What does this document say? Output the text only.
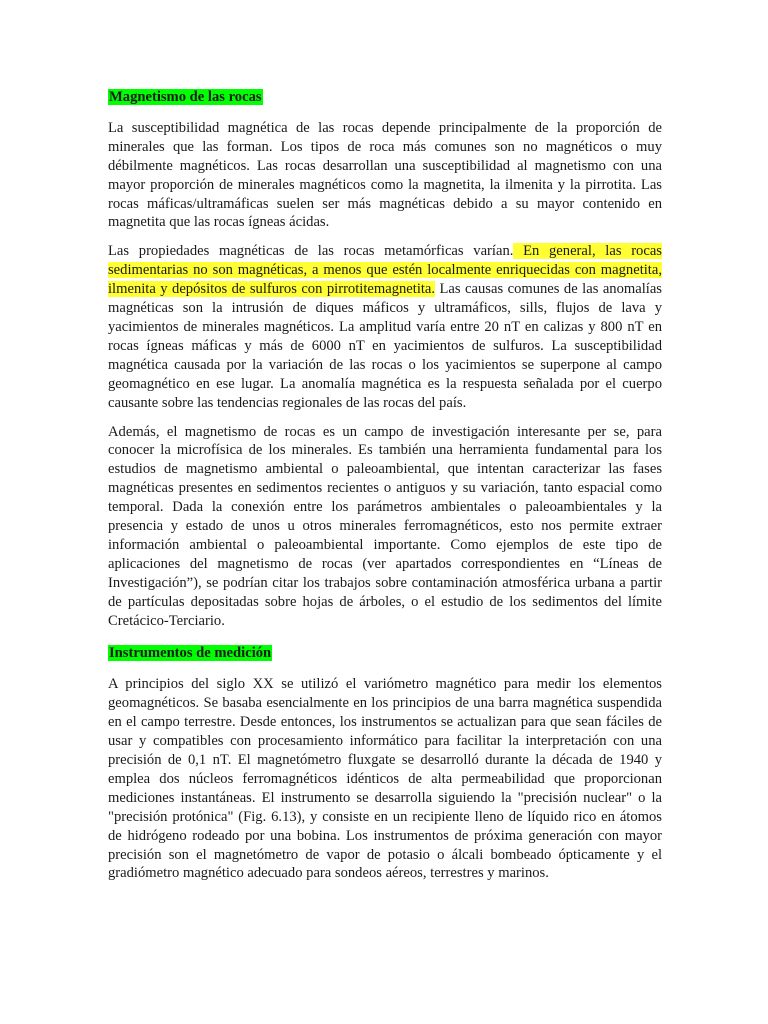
Magnetismo de las rocas

La susceptibilidad magnética de las rocas depende principalmente de la proporción de minerales que las forman. Los tipos de roca más comunes son no magnéticos o muy débilmente magnéticos. Las rocas desarrollan una susceptibilidad al magnetismo con una mayor proporción de minerales magnéticos como la magnetita, la ilmenita y la pirrotita. Las rocas máficas/ultramáficas suelen ser más magnéticas debido a su mayor contenido en magnetita que las rocas ígneas ácidas.

Las propiedades magnéticas de las rocas metamórficas varían. En general, las rocas sedimentarias no son magnéticas, a menos que estén localmente enriquecidas con magnetita, ilmenita y depósitos de sulfuros con pirrotitemagnetita. Las causas comunes de las anomalías magnéticas son la intrusión de diques máficos y ultramáficos, sills, flujos de lava y yacimientos de minerales magnéticos. La amplitud varía entre 20 nT en calizas y 800 nT en rocas ígneas máficas y más de 6000 nT en yacimientos de sulfuros. La susceptibilidad magnética causada por la variación de las rocas o los yacimientos se superpone al campo geomagnético en ese lugar. La anomalía magnética es la respuesta señalada por el cuerpo causante sobre las tendencias regionales de las rocas del país.

Además, el magnetismo de rocas es un campo de investigación interesante per se, para conocer la microfísica de los minerales. Es también una herramienta fundamental para los estudios de magnetismo ambiental o paleoambiental, que intentan caracterizar las fases magnéticas presentes en sedimentos recientes o antiguos y su variación, tanto espacial como temporal. Dada la conexión entre los parámetros ambientales o paleoambientales y la presencia y estado de unos u otros minerales ferromagnéticos, esto nos permite extraer información ambiental o paleoambiental importante. Como ejemplos de este tipo de aplicaciones del magnetismo de rocas (ver apartados correspondientes en “Líneas de Investigación”), se podrían citar los trabajos sobre contaminación atmosférica urbana a partir de partículas depositadas sobre hojas de árboles, o el estudio de los sedimentos del límite Cretácico-Terciario.

Instrumentos de medición

A principios del siglo XX se utilizó el variómetro magnético para medir los elementos geomagnéticos. Se basaba esencialmente en los principios de una barra magnética suspendida en el campo terrestre. Desde entonces, los instrumentos se actualizan para que sean fáciles de usar y compatibles con procesamiento informático para facilitar la interpretación con una precisión de 0,1 nT. El magnetómetro fluxgate se desarrolló durante la década de 1940 y emplea dos núcleos ferromagnéticos idénticos de alta permeabilidad que proporcionan mediciones instantáneas. El instrumento se desarrolla siguiendo la "precisión nuclear" o la "precisión protónica" (Fig. 6.13), y consiste en un recipiente lleno de líquido rico en átomos de hidrógeno rodeado por una bobina. Los instrumentos de próxima generación con mayor precisión son el magnetómetro de vapor de potasio o álcali bombeado ópticamente y el gradiómetro magnético adecuado para sondeos aéreos, terrestres y marinos.
